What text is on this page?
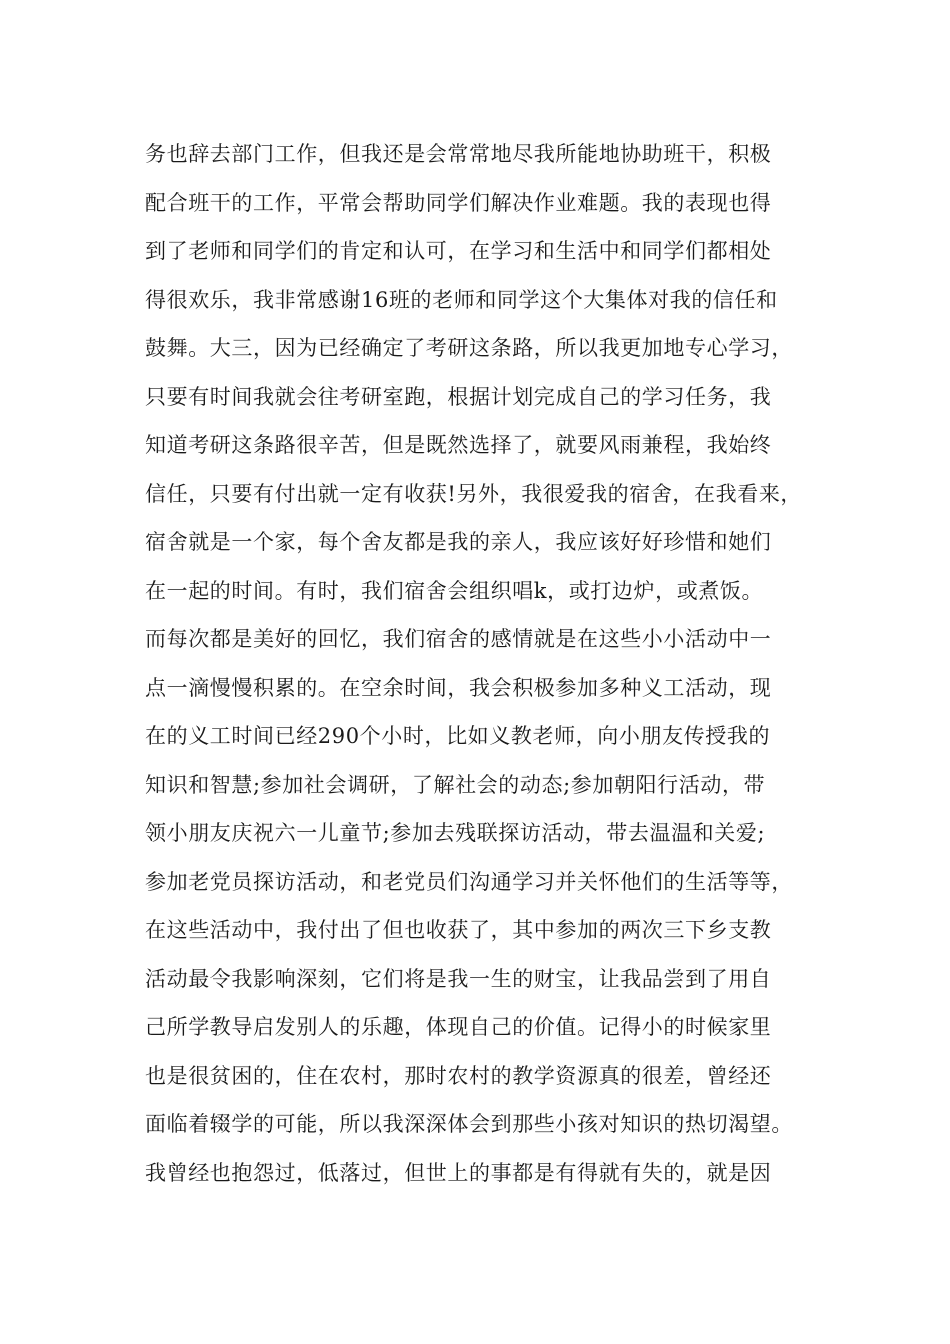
务也辞去部门工作，但我还是会常常地尽我所能地协助班干，积极
配合班干的工作，平常会帮助同学们解决作业难题。我的表现也得
到了老师和同学们的肯定和认可，在学习和生活中和同学们都相处
得很欢乐，我非常感谢16班的老师和同学这个大集体对我的信任和
鼓舞。大三，因为已经确定了考研这条路，所以我更加地专心学习，
只要有时间我就会往考研室跑，根据计划完成自己的学习任务，我
知道考研这条路很辛苦，但是既然选择了，就要风雨兼程，我始终
信任，只要有付出就一定有收获!另外，我很爱我的宿舍，在我看来，
宿舍就是一个家，每个舍友都是我的亲人，我应该好好珍惜和她们
在一起的时间。有时，我们宿舍会组织唱k，或打边炉，或煮饭。
而每次都是美好的回忆，我们宿舍的感情就是在这些小小活动中一
点一滴慢慢积累的。在空余时间，我会积极参加多种义工活动，现
在的义工时间已经290个小时，比如义教老师，向小朋友传授我的
知识和智慧;参加社会调研，了解社会的动态;参加朝阳行活动，带
领小朋友庆祝六一儿童节;参加去残联探访活动，带去温温和关爱;
参加老党员探访活动，和老党员们沟通学习并关怀他们的生活等等，
在这些活动中，我付出了但也收获了，其中参加的两次三下乡支教
活动最令我影响深刻，它们将是我一生的财宝，让我品尝到了用自
己所学教导启发别人的乐趣，体现自己的价值。记得小的时候家里
也是很贫困的，住在农村，那时农村的教学资源真的很差，曾经还
面临着辍学的可能，所以我深深体会到那些小孩对知识的热切渴望。
我曾经也抱怨过，低落过，但世上的事都是有得就有失的，就是因
